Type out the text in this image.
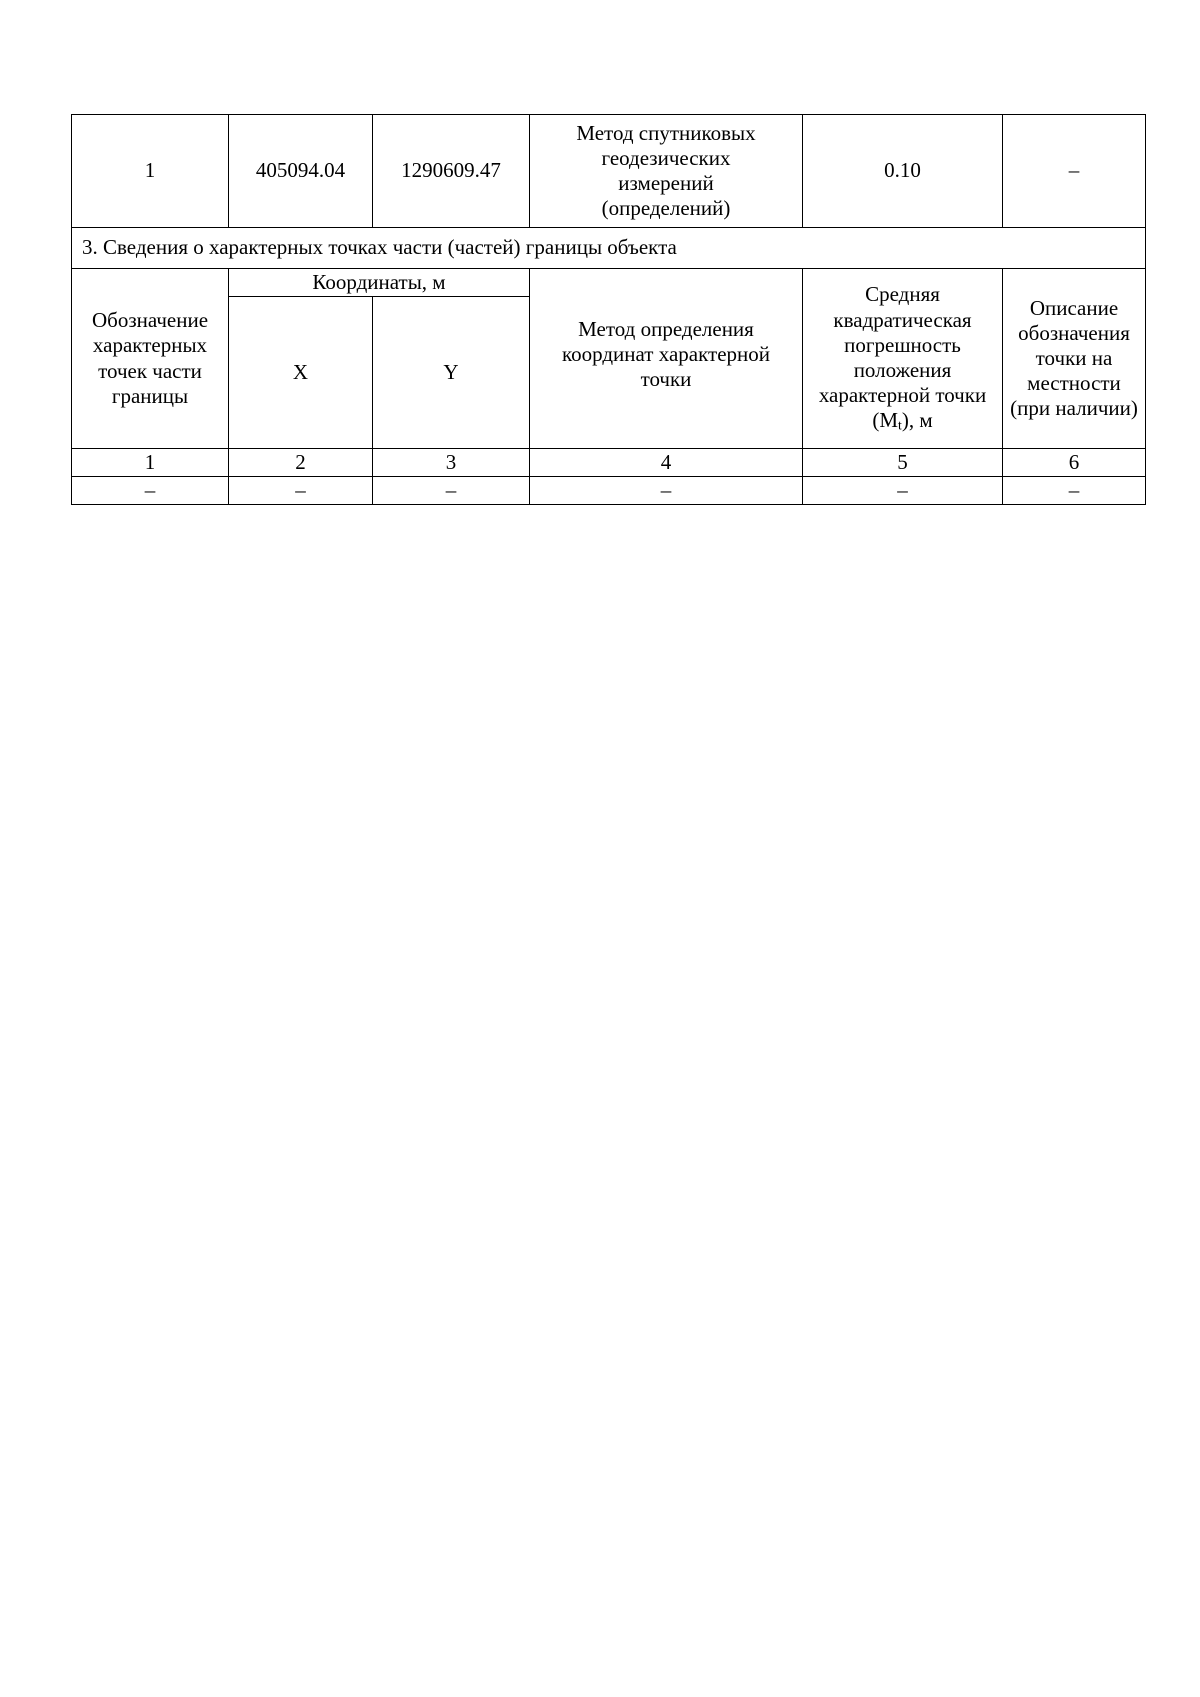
1	405094.04	1290609.47	Метод спутниковых геодезических измерений (определений)	0.10	–
3. Сведения о характерных точках части (частей) границы объекта					
Обозначение характерных точек части границы	Координаты, м		Метод определения координат характерной точки	Средняя квадратическая погрешность положения характерной точки $(M_t)$, м	Описание обозначения точки на местности (при наличии)
	X	Y			
1	2	3	4	5	6
–	–	–	–	–	–
